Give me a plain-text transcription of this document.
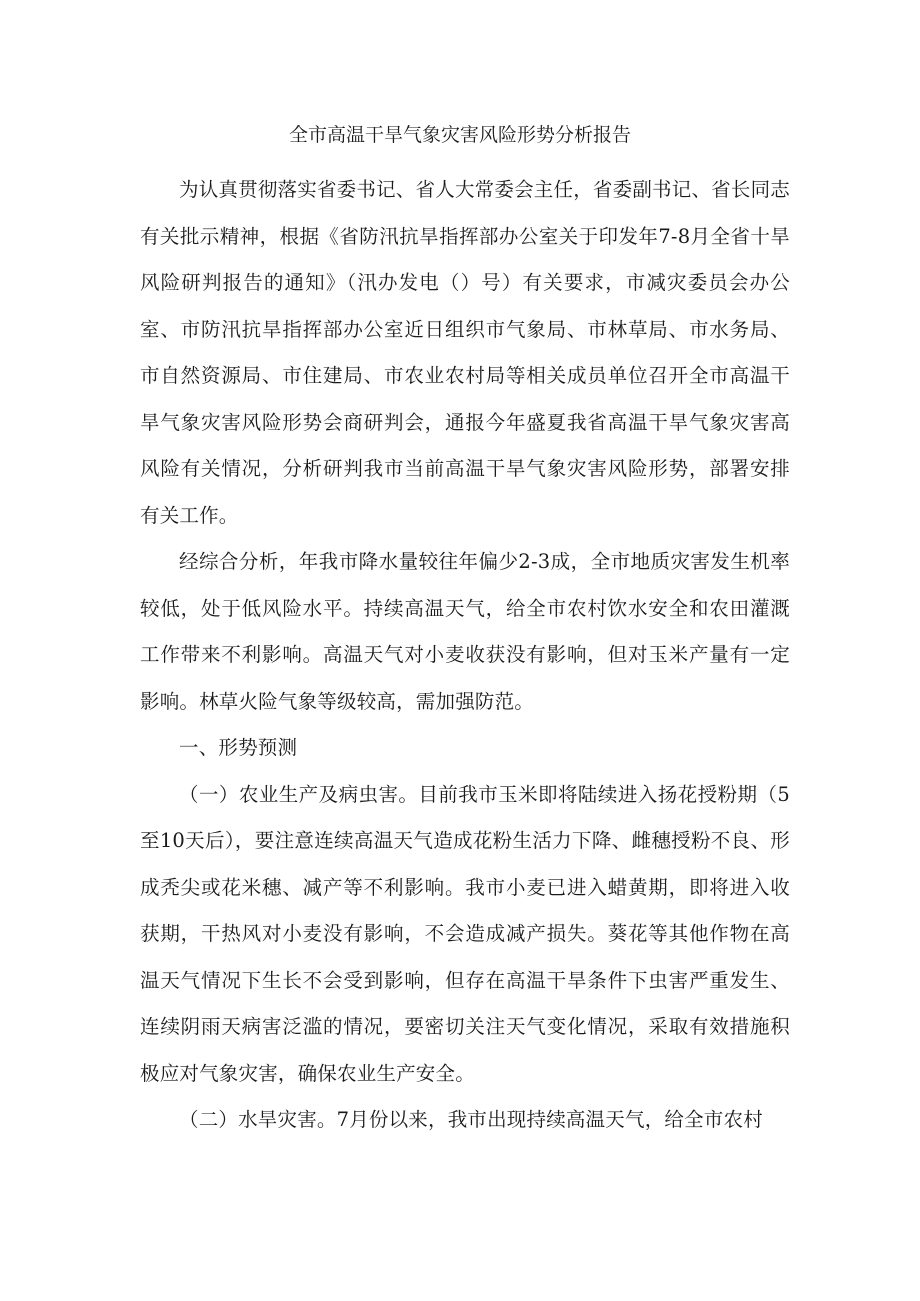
全市高温干旱气象灾害风险形势分析报告

为认真贯彻落实省委书记、省人大常委会主任，省委副书记、省长同志有关批示精神，根据《省防汛抗旱指挥部办公室关于印发年7-8月全省十旱风险研判报告的通知》（汛办发电（）号）有关要求，市减灾委员会办公室、市防汛抗旱指挥部办公室近日组织市气象局、市林草局、市水务局、市自然资源局、市住建局、市农业农村局等相关成员单位召开全市高温干旱气象灾害风险形势会商研判会，通报今年盛夏我省高温干旱气象灾害高风险有关情况，分析研判我市当前高温干旱气象灾害风险形势，部署安排有关工作。

经综合分析，年我市降水量较往年偏少2-3成，全市地质灾害发生机率较低，处于低风险水平。持续高温天气，给全市农村饮水安全和农田灌溉工作带来不利影响。高温天气对小麦收获没有影响，但对玉米产量有一定影响。林草火险气象等级较高，需加强防范。

一、形势预测

（一）农业生产及病虫害。目前我市玉米即将陆续进入扬花授粉期（5至10天后），要注意连续高温天气造成花粉生活力下降、雌穗授粉不良、形成秃尖或花米穗、减产等不利影响。我市小麦已进入蜡黄期，即将进入收获期，干热风对小麦没有影响，不会造成减产损失。葵花等其他作物在高温天气情况下生长不会受到影响，但存在高温干旱条件下虫害严重发生、连续阴雨天病害泛滥的情况，要密切关注天气变化情况，采取有效措施积极应对气象灾害，确保农业生产安全。

（二）水旱灾害。7月份以来，我市出现持续高温天气，给全市农村
